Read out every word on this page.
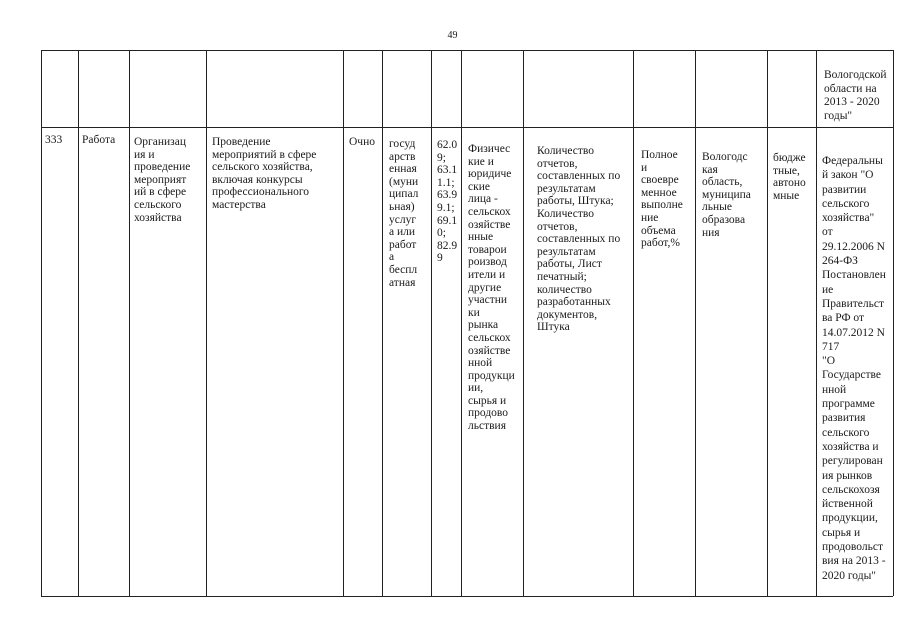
49
Вологодской
области на
2013 - 2020
годы"
333 Работа Организац
ия и
проведение
мероприят
ий в сфере
сельского
хозяйства
Проведение
мероприятий в сфере
сельского хозяйства,
включая конкурсы
профессионального
мастерства
Очно госуд
арств
енная
(муни
ципал
ьная)
услуг
а или
работ
а
беспл
атная
62.0
9;
63.1
1.1;
63.9
9.1;
69.1
0;
82.9
9
Физичес
кие и
юридиче
ские
лица -
сельскох
озяйстве
нные
товарои
роизвод
ители и
другие
участни
ки
рынка
сельскох
озяйстве
нной
продукци
ии,
сырья и
продово
льствия
Количество
отчетов,
составленных по
результатам
работы, Штука;
Количество
отчетов,
составленных по
результатам
работы, Лист
печатный;
количество
разработанных
документов,
Штука
Полное
и
своевре
менное
выполне
ние
объема
работ,%
Вологодс
кая
область,
муниципа
льные
образова
ния
бюдже
тные,
автоно
мные
Федеральны
й закон "О
развитии
сельского
хозяйства"
от
29.12.2006 N
264-ФЗ
Постановлен
ие
Правительст
ва РФ от
14.07.2012 N
717
"О
Государстве
нной
программе
развития
сельского
хозяйства и
регулирован
ия рынков
сельскохозя
йственной
продукции,
сырья и
продовольст
вия на 2013 -
2020 годы"
